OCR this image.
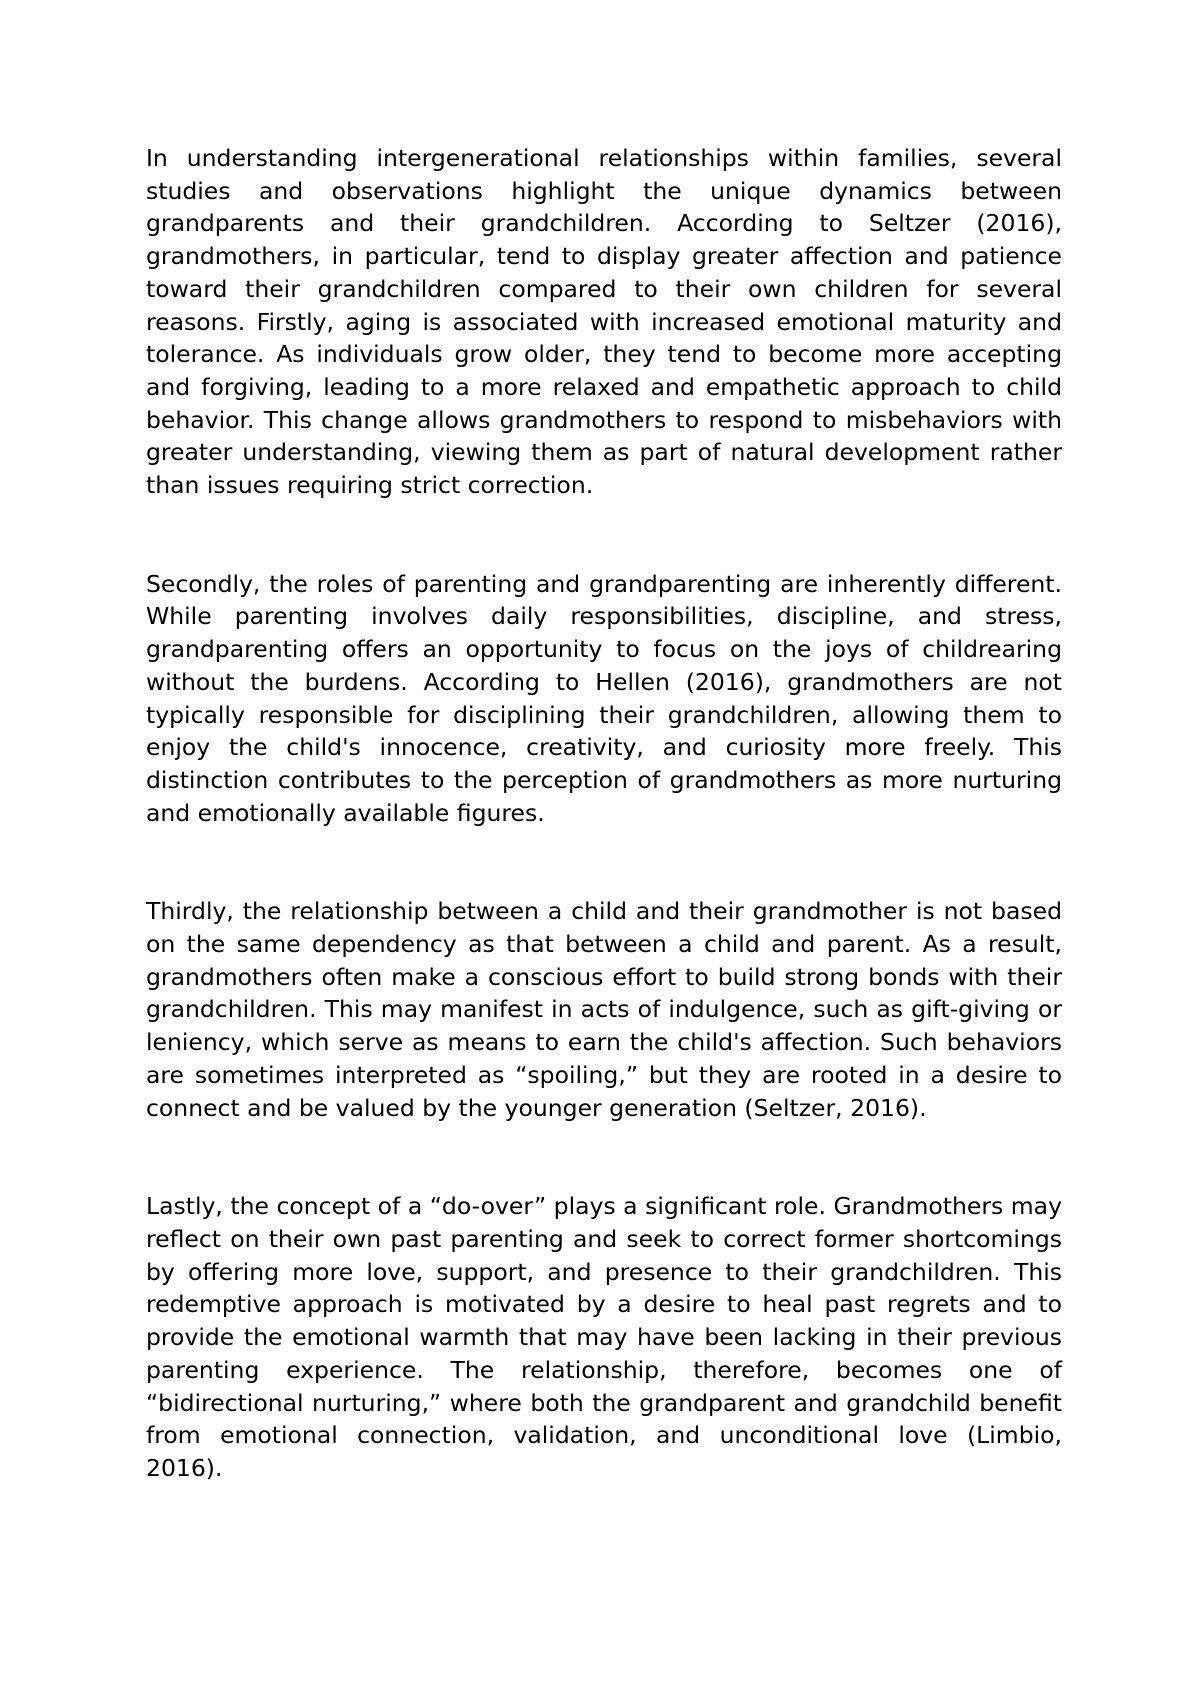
In understanding intergenerational relationships within families, several studies and observations highlight the unique dynamics between grandparents and their grandchildren. According to Seltzer (2016), grandmothers, in particular, tend to display greater affection and patience toward their grandchildren compared to their own children for several reasons. Firstly, aging is associated with increased emotional maturity and tolerance. As individuals grow older, they tend to become more accepting and forgiving, leading to a more relaxed and empathetic approach to child behavior. This change allows grandmothers to respond to misbehaviors with greater understanding, viewing them as part of natural development rather than issues requiring strict correction.

Secondly, the roles of parenting and grandparenting are inherently different. While parenting involves daily responsibilities, discipline, and stress, grandparenting offers an opportunity to focus on the joys of childrearing without the burdens. According to Hellen (2016), grandmothers are not typically responsible for disciplining their grandchildren, allowing them to enjoy the child's innocence, creativity, and curiosity more freely. This distinction contributes to the perception of grandmothers as more nurturing and emotionally available figures.

Thirdly, the relationship between a child and their grandmother is not based on the same dependency as that between a child and parent. As a result, grandmothers often make a conscious effort to build strong bonds with their grandchildren. This may manifest in acts of indulgence, such as gift-giving or leniency, which serve as means to earn the child's affection. Such behaviors are sometimes interpreted as “spoiling,” but they are rooted in a desire to connect and be valued by the younger generation (Seltzer, 2016).

Lastly, the concept of a “do-over” plays a significant role. Grandmothers may reflect on their own past parenting and seek to correct former shortcomings by offering more love, support, and presence to their grandchildren. This redemptive approach is motivated by a desire to heal past regrets and to provide the emotional warmth that may have been lacking in their previous parenting experience. The relationship, therefore, becomes one of “bidirectional nurturing,” where both the grandparent and grandchild benefit from emotional connection, validation, and unconditional love (Limbio, 2016).
